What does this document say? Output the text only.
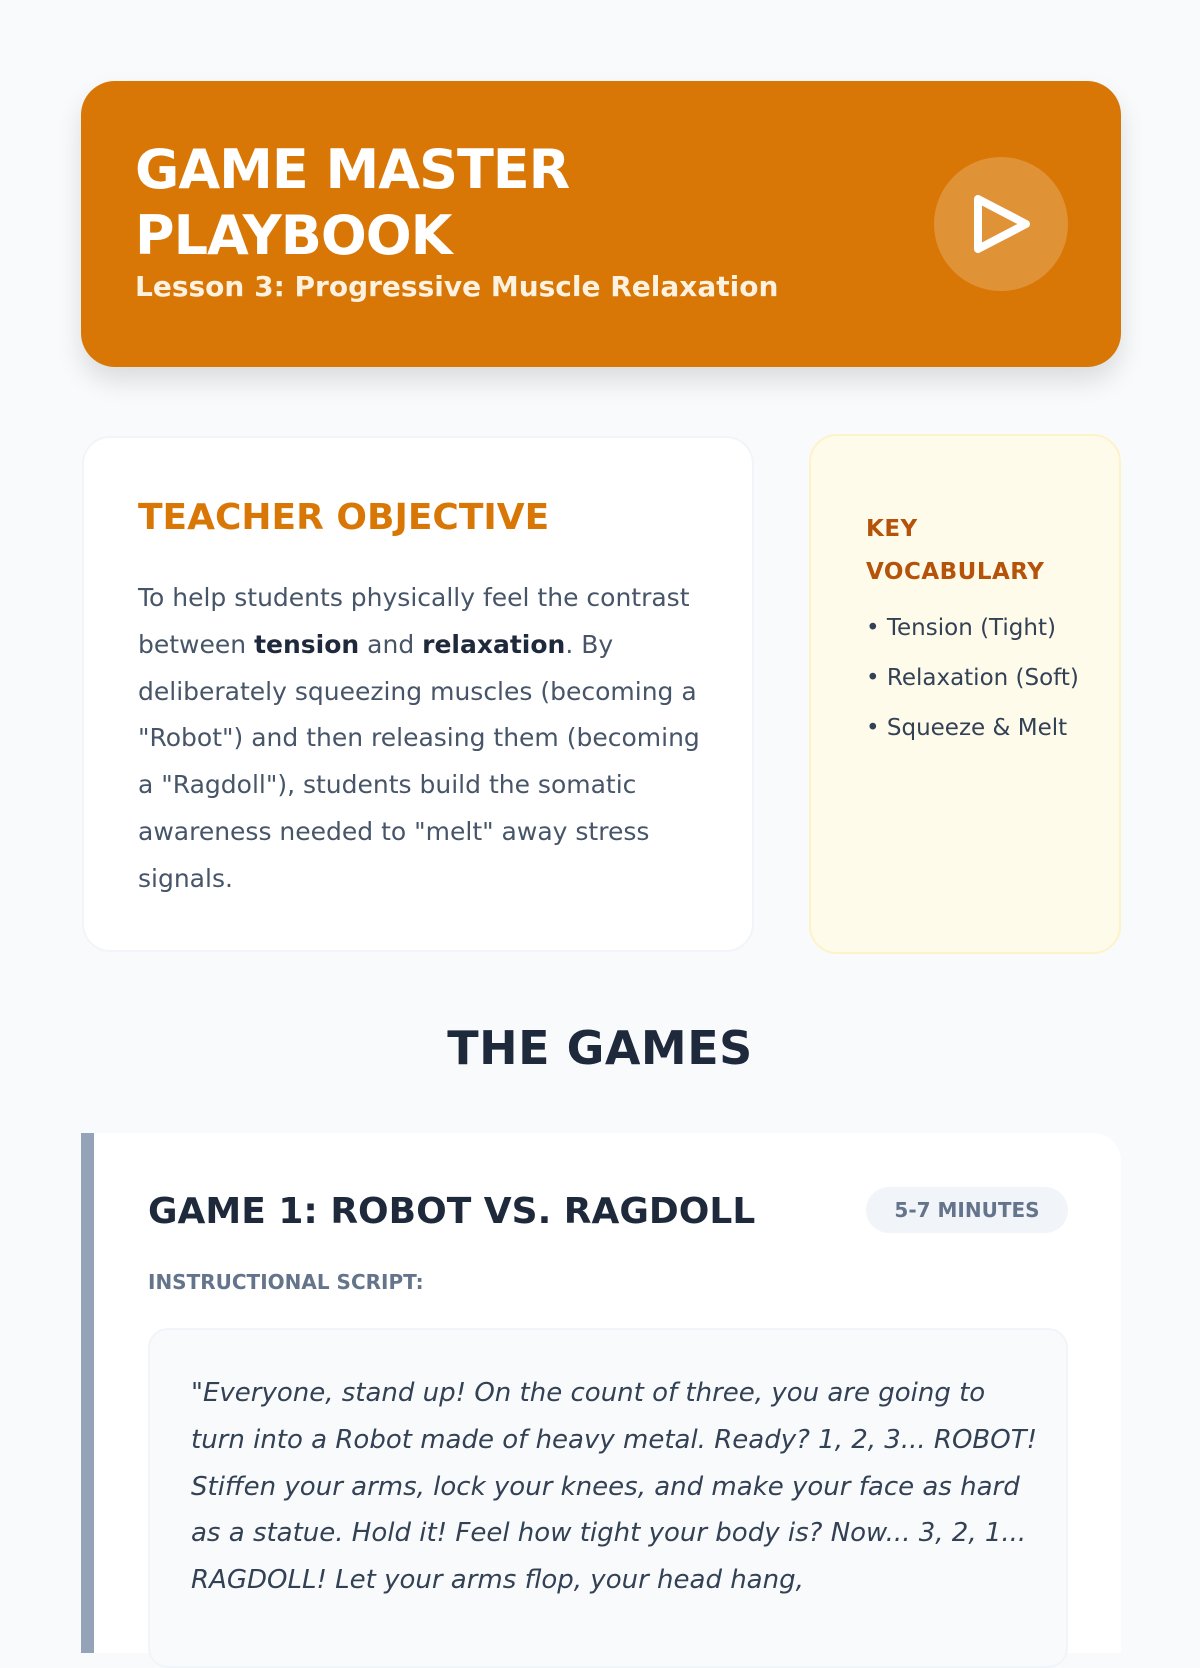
GAME MASTER PLAYBOOK

Lesson 3: Progressive Muscle Relaxation

TEACHER OBJECTIVE

To help students physically feel the contrast between tension and relaxation. By deliberately squeezing muscles (becoming a "Robot") and then releasing them (becoming a "Ragdoll"), students build the somatic awareness needed to "melt" away stress signals.

KEY VOCABULARY
• Tension (Tight)
• Relaxation (Soft)
• Squeeze & Melt
THE GAMES
GAME 1: ROBOT VS. RAGDOLL	5-7 MINUTES

INSTRUCTIONAL SCRIPT:

"Everyone, stand up! On the count of three, you are going to turn into a Robot made of heavy metal. Ready? 1, 2, 3... ROBOT! Stiffen your arms, lock your knees, and make your face as hard as a statue. Hold it! Feel how tight your body is? Now... 3, 2, 1... RAGDOLL! Let your arms flop, your head hang,
